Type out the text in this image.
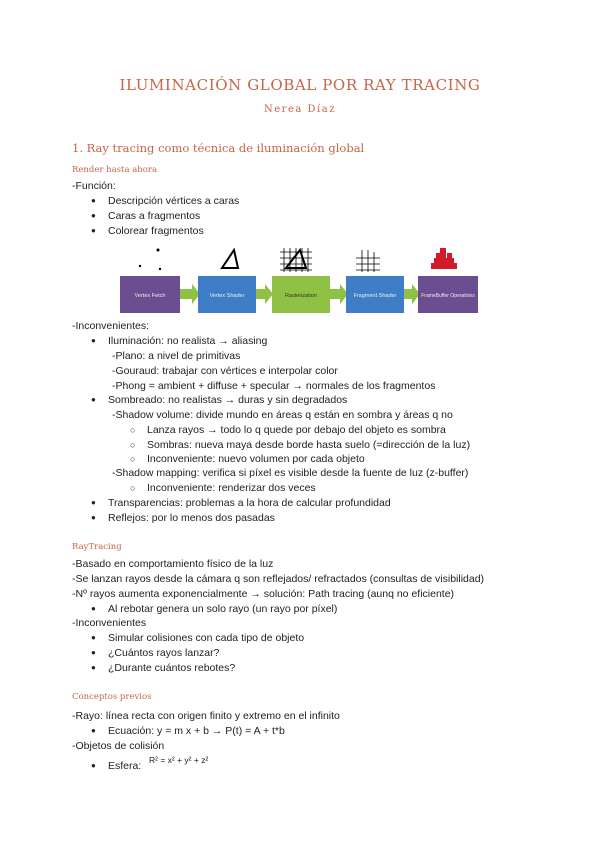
ILUMINACIÓN GLOBAL POR RAY TRACING
Nerea Díaz
1. Ray tracing como técnica de iluminación global
Render hasta ahora
-Función:
● Descripción vértices a caras
● Caras a fragmentos
● Colorear fragmentos
Vertex Fetch	Vertex Shader	Rasterization	Fragment Shader	FrameBuffer Operations
-Inconvenientes:
● Iluminación: no realista → aliasing
-Plano: a nivel de primitivas
-Gouraud: trabajar con vértices e interpolar color
-Phong = ambient + diffuse + specular → normales de los fragmentos
● Sombreado: no realistas → duras y sin degradados
-Shadow volume: divide mundo en áreas q están en sombra y áreas q no
○ Lanza rayos → todo lo q quede por debajo del objeto es sombra
○ Sombras: nueva maya desde borde hasta suelo (=dirección de la luz)
○ Inconveniente: nuevo volumen por cada objeto
-Shadow mapping: verifica si píxel es visible desde la fuente de luz (z-buffer)
○ Inconveniente: renderizar dos veces
● Transparencias: problemas a la hora de calcular profundidad
● Reflejos: por lo menos dos pasadas
RayTracing
-Basado en comportamiento físico de la luz
-Se lanzan rayos desde la cámara q son reflejados/ refractados (consultas de visibilidad)
-Nº rayos aumenta exponencialmente → solución: Path tracing (aunq no eficiente)
● Al rebotar genera un solo rayo (un rayo por píxel)
-Inconvenientes
● Simular colisiones con cada tipo de objeto
● ¿Cuántos rayos lanzar?
● ¿Durante cuántos rebotes?
Conceptos previos
-Rayo: línea recta con origen finito y extremo en el infinito
● Ecuación: y = m x + b → P(t) = A + t*b
-Objetos de colisión
● Esfera: R² = x² + y² + z²
